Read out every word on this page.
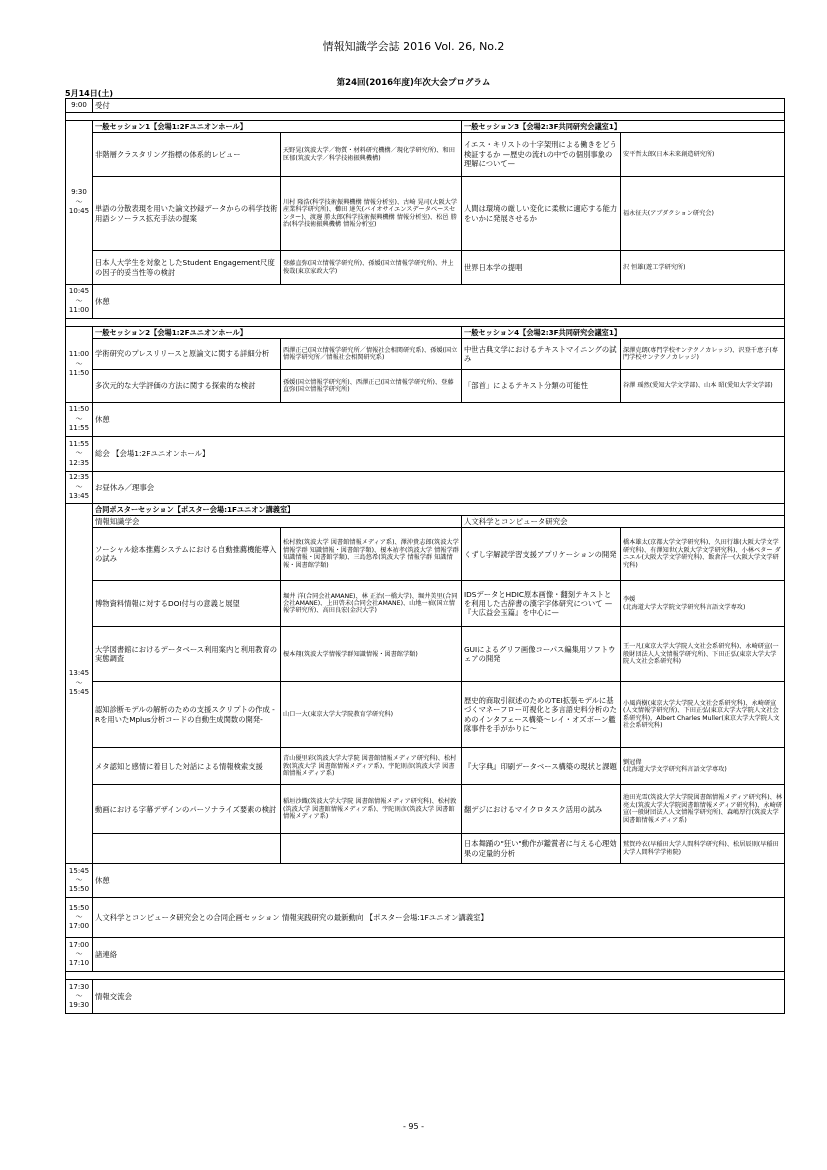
情報知識学会誌 2016 Vol. 26, No.2
第24回(2016年度)年次大会プログラム
5月14日(土)
9:00	受付			

9:30
～
10:45	一般セッション1【会場1:2Fユニオンホール】		一般セッション3【会場2:3F共同研究会議室1】	
	非階層クラスタリング指標の体系的レビュー	天野晃(筑波大学／物質・材料研究機構／現化学研究所)、和田匡郁(筑波大学／科学技術振興機構)	イエス・キリストの十字架刑による働きをどう検証するか —歴史の流れの中での個別事象の理解について—	安平哲太郎(日本未来創造研究所)
	単語の分散表現を用いた論文抄録データからの科学技術用語シソーラス拡充手法の提案	川村 隆浩(科学技術振興機構 情報分析室)、古崎 晃司(大阪大学 産業科学研究所)、櫛田 達矢(バイオサイエンスデータベースセンター)、渡邊 勝太郎(科学技術振興機構 情報分析室)、松邑 勝治(科学技術振興機構 情報分析室)	人間は環境の厳しい変化に柔軟に適応する能力をいかに発展させるか	福永征夫(アブダクション研究会)
	日本人大学生を対象としたStudent Engagement尺度の因子的妥当性等の検討	登藤直弥(国立情報学研究所)、孫媛(国立情報学研究所)、井上俊哉(東京家政大学)	世界日本学の提唱	沢 恒雄(遊工学研究所)
10:45
～
11:00	休憩			

11:00
～
11:50	一般セッション2【会場1:2Fユニオンホール】		一般セッション4【会場2:3F共同研究会議室1】	
	学術研究のプレスリリースと原論文に関する詳細分析	西澤正己(国立情報学研究所／情報社会相関研究系)、孫媛(国立情報学研究所／情報社会相関研究系)	中世古典文学におけるテキストマイニングの試み	深澤克朗(専門学校サンテクノカレッジ)、沢登千恵子(専門学校サンテクノカレッジ)
	多次元的な大学評価の方法に関する探索的な検討	孫媛(国立情報学研究所)、西澤正己(国立情報学研究所)、登藤直弥(国立情報学研究所)	「部首」によるテキスト分類の可能性	谷澤 瑶然(愛知大学文学部)、山本 昭(愛知大学文学部)
11:50
～
11:55	休憩			
11:55
～
12:35	総会 【会場1:2Fユニオンホール】			
12:35
～
13:45	お昼休み／理事会			
13:45
～
15:45	合同ポスターセッション【ポスター会場:1Fユニオン講義室】			
	情報知識学会		人文科学とコンピュータ研究会	
	ソーシャル絵本推薦システムにおける自動推薦機能導入の試み	松村敦(筑波大学 図書館情報メディア系)、澤沖貴志郎(筑波大学 情報学群 知識情報・図書館学類)、榎本祐孝(筑波大学 情報学群 知識情報・図書館学類)、三島悠希(筑波大学 情報学群 知識情報・図書館学類)	くずし字解読学習支援アプリケーションの開発	橋本雄太(京都大学文学研究科)、久田行雄(大阪大学文学研究科)、有澤知世(大阪大学文学研究科)、小林ベター ダニエル(大阪大学文学研究科)、飯倉洋一(大阪大学文学研究科)
	博物資料情報に対するDOI付与の意義と展望	堀井 洋(合同会社AMANE)、林 正治(一橋大学)、堀井美里(合同会社AMANE)、上田啓未(合同会社AMANE)、山地一禎(国立情報学研究所)、高田良宏(金沢大学)	IDSデータとHDIC原本画像・翻刻テキストとを利用した古辞書の漢字字体研究について —『大広益会玉篇』を中心に—	李媛
(北海道大学大学院文学研究科言語文学専攻)
	大学図書館におけるデータベース利用案内と利用教育の実態調査	榎本翔(筑波大学情報学群知識情報・図書館学類)	GUIによるグリフ画像コーパス編集用ソフトウェアの開発	王一凡(東京大学大学院人文社会系研究科)、永崎研宣(一般財団法人人文情報学研究所)、下田正弘(東京大学大学院人文社会系研究科)
	認知診断モデルの解析のための支援スクリプトの作成 -Rを用いたMplus分析コードの自動生成関数の開発-	山口一大(東京大学大学院教育学研究科)	歴史的商取引叙述のためのTEI拡張モデルに基づくマネーフロー可視化と多言語史料分析のためのインタフェース構築～レイ・オズボーン艦隊事件を手がかりに～	小風尚樹(東京大学大学院人文社会系研究科)、永崎研宣(人文情報学研究所)、下田正弘(東京大学大学院人文社会系研究科)、Albert Charles Muller(東京大学大学院人文社会系研究科)
	メタ認知と感情に着目した対話による情報検索支援	青山優里彩(筑波大学大学院 図書館情報メディア研究科)、松村敦(筑波大学 図書館情報メディア系)、宇陀則彦(筑波大学 図書館情報メディア系)	『大字典』印刷データベース構築の現状と課題	劉冠偉
(北海道大学文学研究科言語文学専攻)
	動画における字幕デザインのパーソナライズ要素の検討	稲垣沙織(筑波大学大学院 図書館情報メディア研究科)、松村敦(筑波大学 図書館情報メディア系)、宇陀則彦(筑波大学 図書館情報メディア系)	翻デジにおけるマイクロタスク活用の試み	池田光雪(筑波大学大学院図書館情報メディア研究科)、林亮太(筑波大学大学院図書館情報メディア研究科)、永崎研宣(一般財団法人人文情報学研究所)、森嶋厚行(筑波大学図書館情報メディア系)
			日本舞踊の"狂い"動作が鑑賞者に与える心理効果の定量的分析	鷲賀玲衣(早稲田大学人間科学研究科)、松居辰則(早稲田大学人間科学学術院)
15:45
～
15:50	休憩			
15:50
～
17:00	人文科学とコンピュータ研究会との合同企画セッション 情報実践研究の最新動向 【ポスター会場:1Fユニオン講義室】			
17:00
～
17:10	諸連絡			

17:30
～
19:30	情報交流会			
- 95 -
